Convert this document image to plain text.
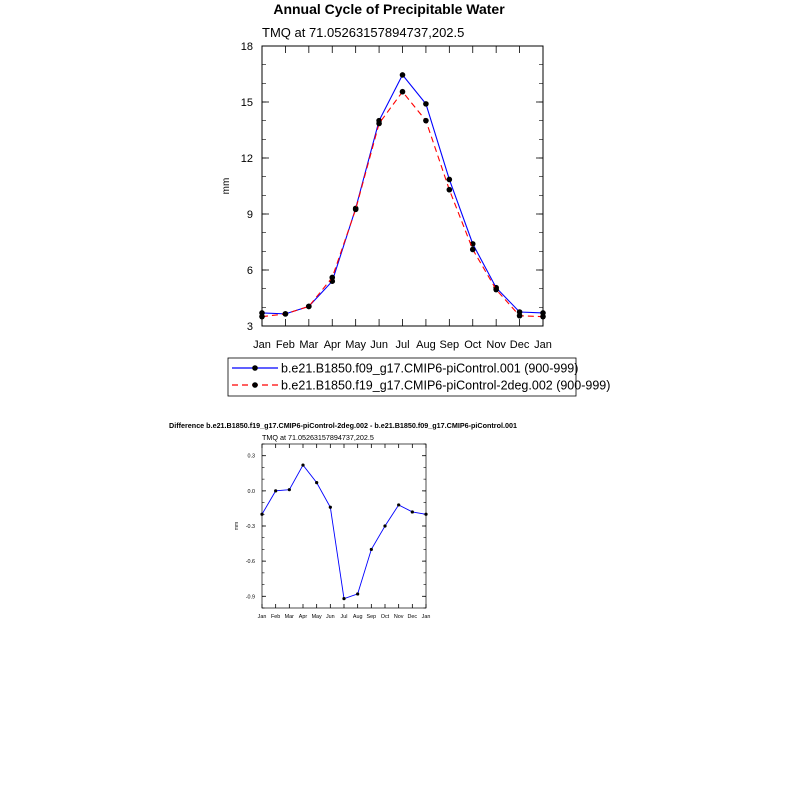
Annual Cycle of Precipitable Water
TMQ at 71.05263157894737,202.5
mm
Jan Feb Mar Apr May Jun Jul Aug Sep Oct Nov Dec Jan
3
6
9
12
15
18
b.e21.B1850.f09_g17.CMIP6-piControl.001 (900-999)
b.e21.B1850.f19_g17.CMIP6-piControl-2deg.002 (900-999)
Difference b.e21.B1850.f19_g17.CMIP6-piControl-2deg.002 - b.e21.B1850.f09_g17.CMIP6-piControl.001
TMQ at 71.05263157894737,202.5
mm
Jan Feb Mar Apr May Jun Jul Aug Sep Oct Nov Dec Jan
-0.9
-0.6
-0.3
0.0
0.3
